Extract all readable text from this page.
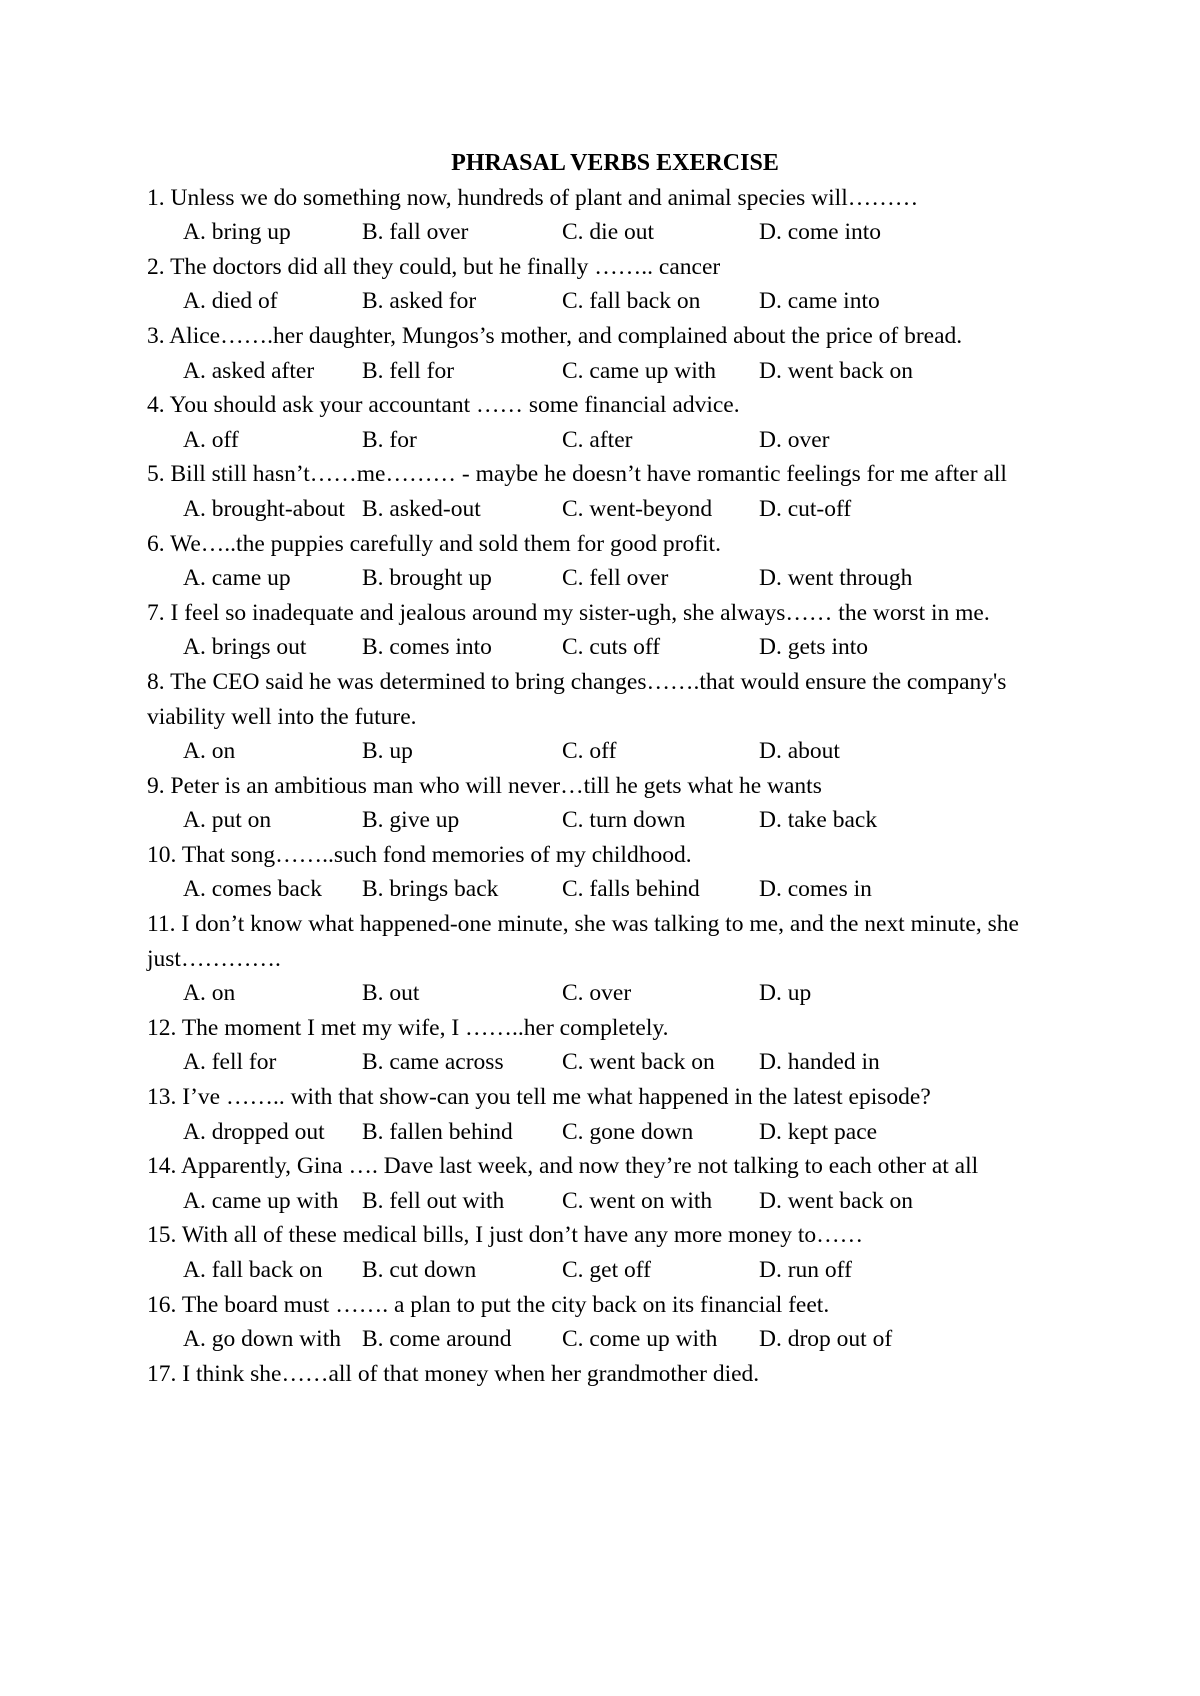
PHRASAL VERBS EXERCISE

1. Unless we do something now, hundreds of plant and animal species will………

A. bring up	B. fall over	C. die out	D. come into

2. The doctors did all they could, but he finally …….. cancer

A. died of	B. asked for	C. fall back on D. came into

3. Alice…….her daughter, Mungos’s mother, and complained about the price of bread.

A. asked after B. fell for	C. came up with D. went back on

4. You should ask your accountant …… some financial advice.

A. off	B. for	C. after	D. over

5. Bill still hasn’t……me……… - maybe he doesn’t have romantic feelings for me after all

A. brought-about B. asked-out	C. went-beyond D. cut-off

6. We…..the puppies carefully and sold them for good profit.

A. came up	B. brought up	C. fell over	D. went through

7. I feel so inadequate and jealous around my sister-ugh, she always…… the worst in me.

A. brings out B. comes into	C. cuts off	D. gets into

8. The CEO said he was determined to bring changes…….that would ensure the company's viability well into the future.

A. on	B. up	C. off	D. about

9. Peter is an ambitious man who will never…till he gets what he wants

A. put on	B. give up	C. turn down	D. take back

10. That song……..such fond memories of my childhood.

A. comes back B. brings back	C. falls behind	D. comes in

11. I don’t know what happened-one minute, she was talking to me, and the next minute, she just………….

A. on	B. out	C. over	D. up

12. The moment I met my wife, I ……..her completely.

A. fell for	B. came across C. went back on D. handed in

13. I’ve …….. with that show-can you tell me what happened in the latest episode?

A. dropped out B. fallen behind C. gone down	D. kept pace

14. Apparently, Gina …. Dave last week, and now they’re not talking to each other at all

A. came up with B. fell out with C. went on with D. went back on

15. With all of these medical bills, I just don’t have any more money to……

A. fall back on B. cut down	C. get off	D. run off

16. The board must ……. a plan to put the city back on its financial feet.

A. go down with B. come around C. come up with D. drop out of

17. I think she……all of that money when her grandmother died.
